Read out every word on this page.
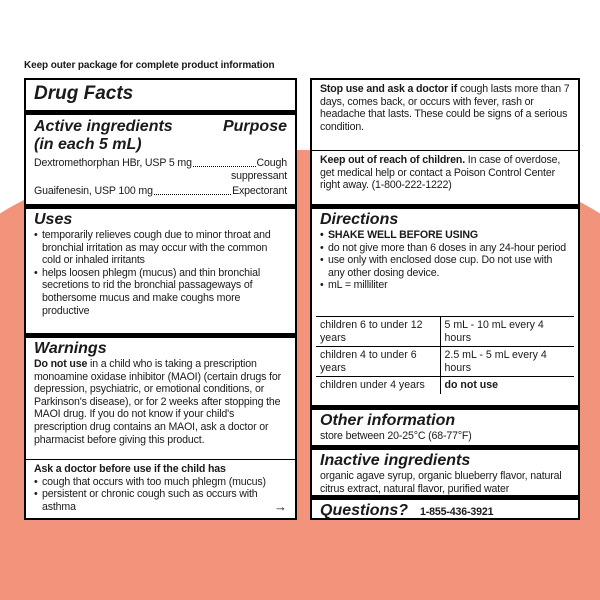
Keep outer package for complete product information
Drug Facts
Active ingredients	Purpose
(in each 5 mL)
Dextromethorphan HBr, USP 5 mg	Cough
suppressant
Guaifenesin, USP 100 mg	Expectorant
Uses
• temporarily relieves cough due to minor throat and bronchial irritation as may occur with the common cold or inhaled irritants
• helps loosen phlegm (mucus) and thin bronchial secretions to rid the bronchial passageways of bothersome mucus and make coughs more productive
Warnings
Do not use in a child who is taking a prescription monoamine oxidase inhibitor (MAOI) (certain drugs for depression, psychiatric, or emotional conditions, or Parkinson's disease), or for 2 weeks after stopping the MAOI drug. If you do not know if your child's prescription drug contains an MAOI, ask a doctor or pharmacist before giving this product.
Ask a doctor before use if the child has
• cough that occurs with too much phlegm (mucus)
• persistent or chronic cough such as occurs with asthma	→
Stop use and ask a doctor if cough lasts more than 7 days, comes back, or occurs with fever, rash or headache that lasts. These could be signs of a serious condition.
Keep out of reach of children. In case of overdose, get medical help or contact a Poison Control Center right away. (1-800-222-1222)
Directions
• SHAKE WELL BEFORE USING
• do not give more than 6 doses in any 24-hour period
• use only with enclosed dose cup. Do not use with any other dosing device.
• mL = milliliter
children 6 to under 12 years	5 mL - 10 mL every 4 hours
children 4 to under 6 years	2.5 mL - 5 mL every 4 hours
children under 4 years	do not use
Other information
store between 20-25°C (68-77°F)
Inactive ingredients
organic agave syrup, organic blueberry flavor, natural citrus extract, natural flavor, purified water
Questions? 1-855-436-3921
